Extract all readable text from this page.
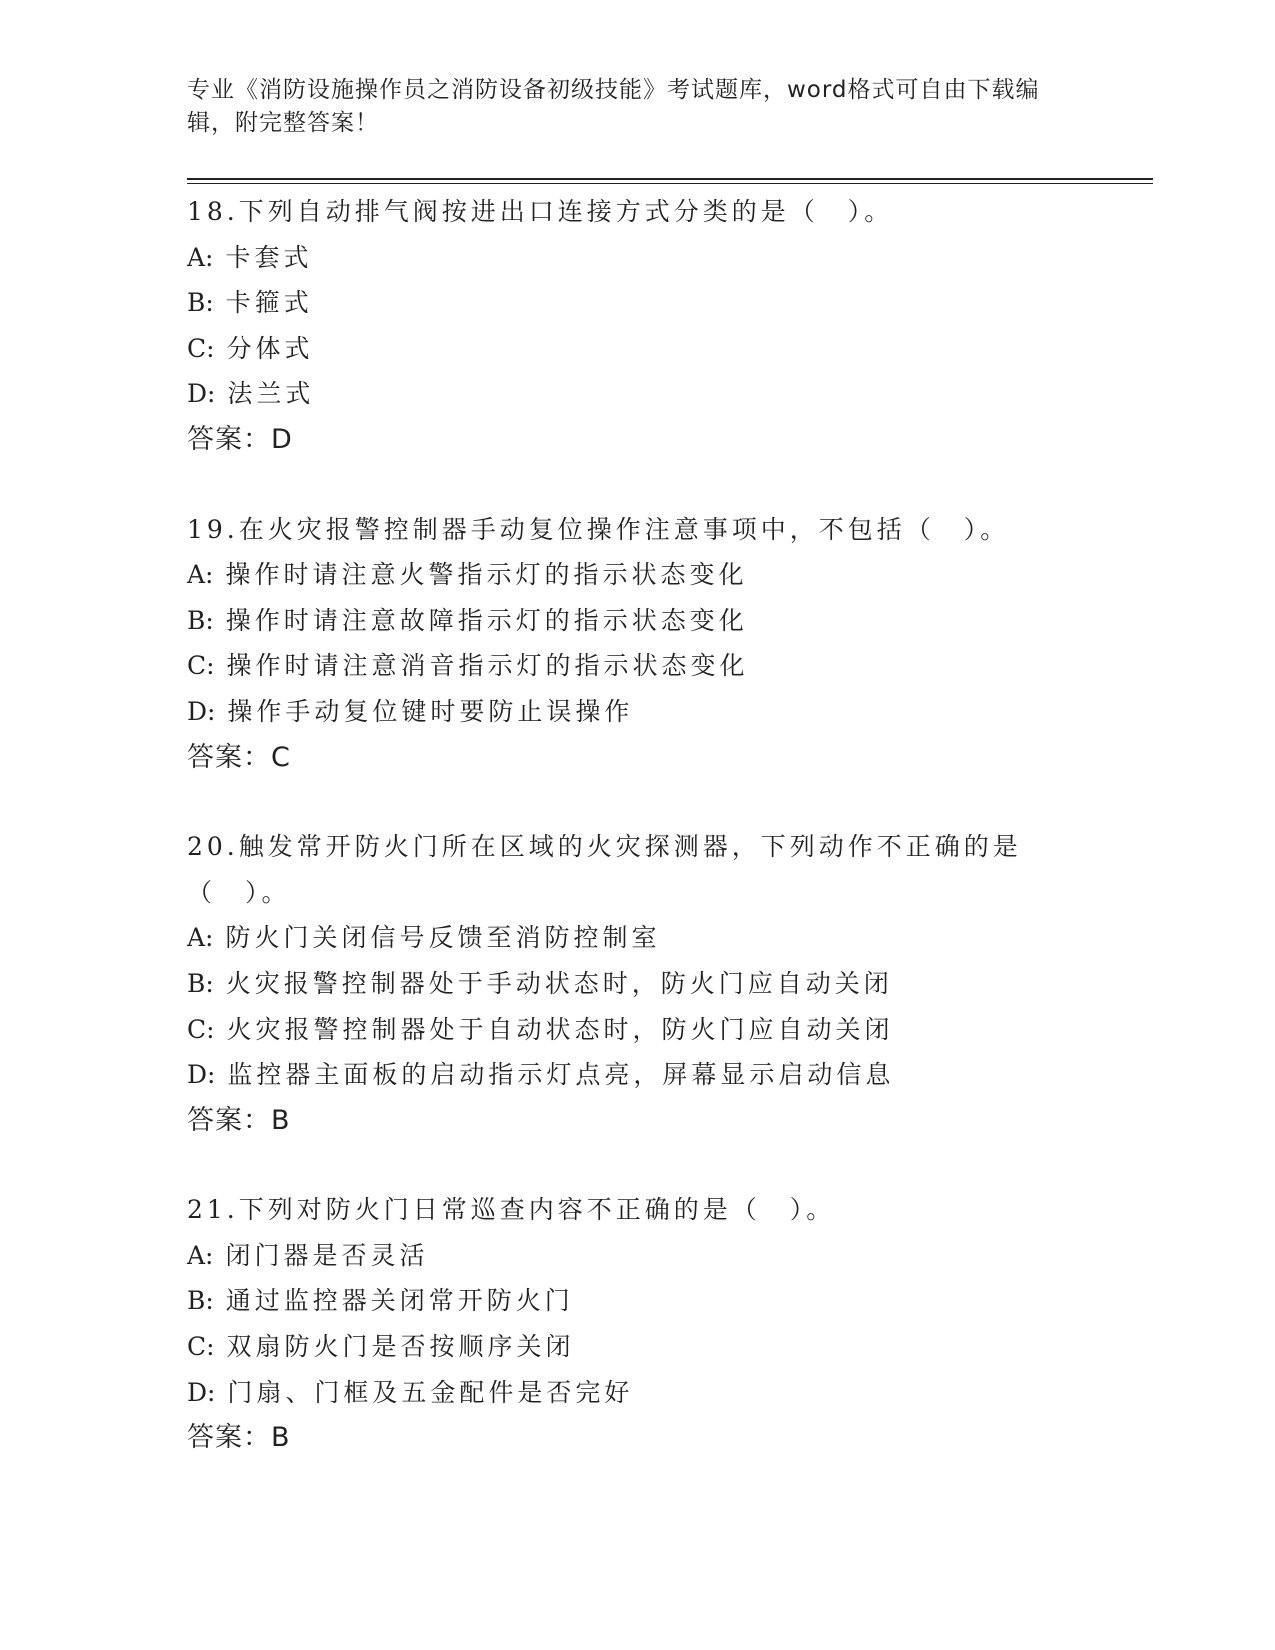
专业《消防设施操作员之消防设备初级技能》考试题库，word格式可自由下载编辑，附完整答案！
18.下列自动排气阀按进出口连接方式分类的是（　）。
A: 卡套式
B: 卡箍式
C: 分体式
D: 法兰式
答案：D
19.在火灾报警控制器手动复位操作注意事项中，不包括（　）。
A: 操作时请注意火警指示灯的指示状态变化
B: 操作时请注意故障指示灯的指示状态变化
C: 操作时请注意消音指示灯的指示状态变化
D: 操作手动复位键时要防止误操作
答案：C
20.触发常开防火门所在区域的火灾探测器，下列动作不正确的是（　）。
A: 防火门关闭信号反馈至消防控制室
B: 火灾报警控制器处于手动状态时，防火门应自动关闭
C: 火灾报警控制器处于自动状态时，防火门应自动关闭
D: 监控器主面板的启动指示灯点亮，屏幕显示启动信息
答案：B
21.下列对防火门日常巡查内容不正确的是（　）。
A: 闭门器是否灵活
B: 通过监控器关闭常开防火门
C: 双扇防火门是否按顺序关闭
D: 门扇、门框及五金配件是否完好
答案：B
